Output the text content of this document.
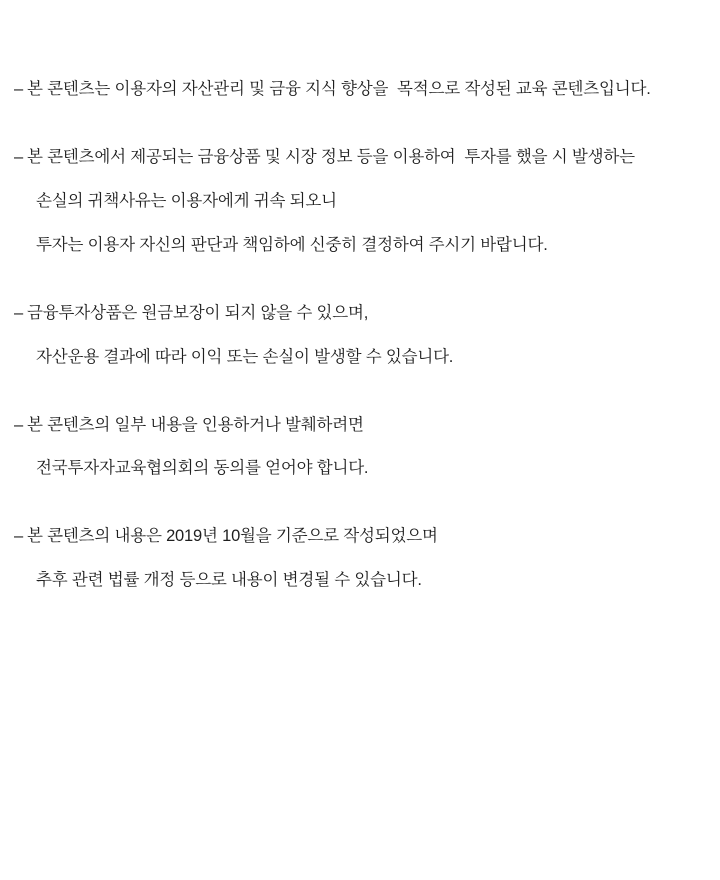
– 본 콘텐츠는 이용자의 자산관리 및 금융 지식 향상을  목적으로 작성된 교육 콘텐츠입니다.
– 본 콘텐츠에서 제공되는 금융상품 및 시장 정보 등을 이용하여  투자를 했을 시 발생하는
손실의 귀책사유는 이용자에게 귀속 되오니
투자는 이용자 자신의 판단과 책임하에 신중히 결정하여 주시기 바랍니다.
– 금융투자상품은 원금보장이 되지 않을 수 있으며,
자산운용 결과에 따라 이익 또는 손실이 발생할 수 있습니다.
– 본 콘텐츠의 일부 내용을 인용하거나 발췌하려면
전국투자자교육협의회의 동의를 얻어야 합니다.
– 본 콘텐츠의 내용은 2019년 10월을 기준으로 작성되었으며
추후 관련 법률 개정 등으로 내용이 변경될 수 있습니다.
